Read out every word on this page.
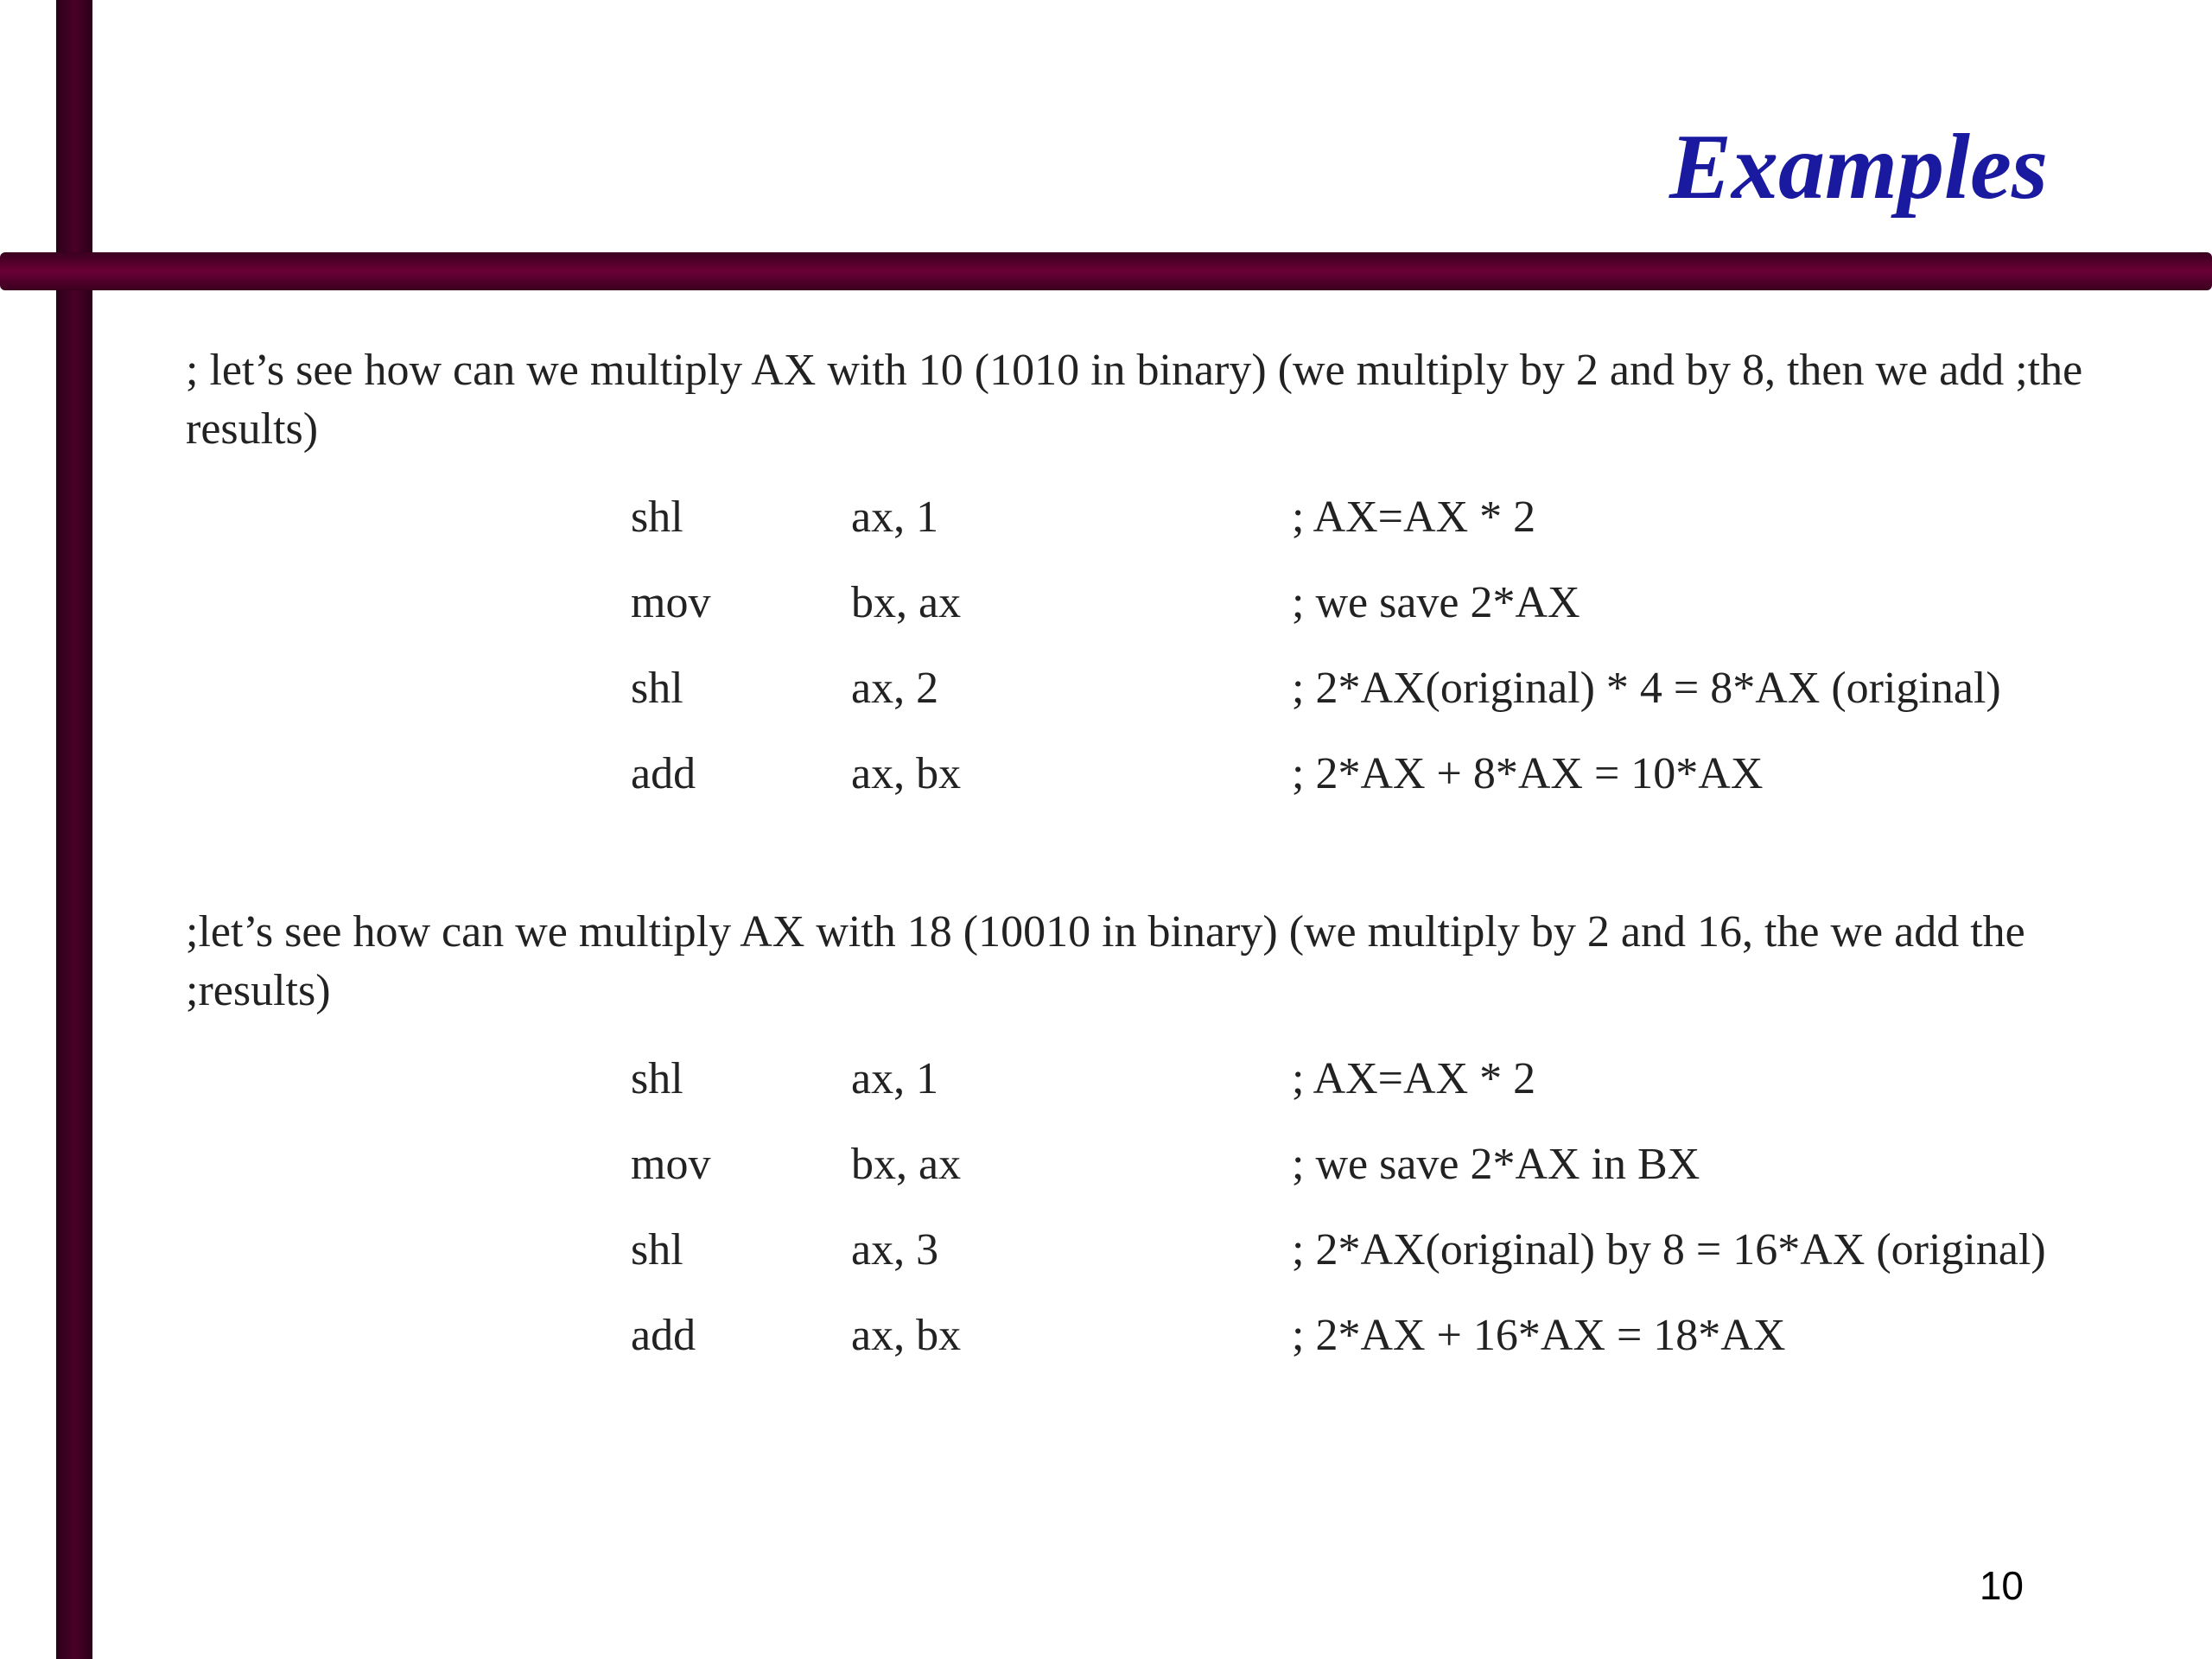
Examples

; let’s see how can we multiply AX with 10 (1010 in binary) (we multiply by 2 and by 8, then we add ;the results)

shl	ax, 1	; AX=AX * 2
mov	bx, ax	; we save 2*AX
shl	ax, 2	; 2*AX(original) * 4 = 8*AX (original)
add	ax, bx	; 2*AX + 8*AX = 10*AX

;let’s see how can we multiply AX with 18 (10010 in binary) (we multiply by 2 and 16, the we add the ;results)

shl	ax, 1	; AX=AX * 2
mov	bx, ax	; we save 2*AX in BX
shl	ax, 3	; 2*AX(original) by 8 = 16*AX (original)
add	ax, bx	; 2*AX + 16*AX = 18*AX
10
